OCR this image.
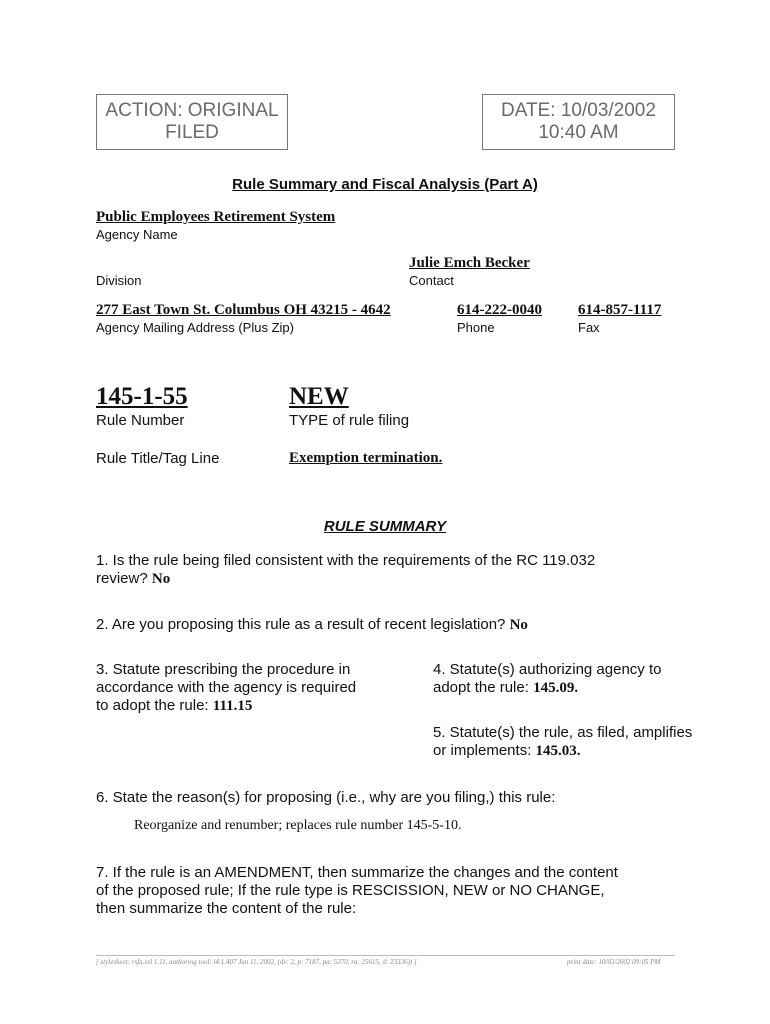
ACTION: ORIGINAL
FILED
DATE: 10/03/2002
10:40 AM
Rule Summary and Fiscal Analysis (Part A)
Public Employees Retirement System
Agency Name
Julie Emch Becker
Division	Contact
277 East Town St. Columbus OH 43215 - 4642	614-222-0040 614-857-1117
Agency Mailing Address (Plus Zip)	Phone	Fax
145-1-55	NEW
Rule Number	TYPE of rule filing
Rule Title/Tag Line	Exemption termination.
RULE SUMMARY
1. Is the rule being filed consistent with the requirements of the RC 119.032
review? No
2. Are you proposing this rule as a result of recent legislation? No
3. Statute prescribing the procedure in
accordance with the agency is required
to adopt the rule: 111.15
4. Statute(s) authorizing agency to
adopt the rule: 145.09.
5. Statute(s) the rule, as filed, amplifies
or implements: 145.03.
6. State the reason(s) for proposing (i.e., why are you filing,) this rule:
Reorganize and renumber; replaces rule number 145-5-10.
7. If the rule is an AMENDMENT, then summarize the changes and the content
of the proposed rule; If the rule type is RESCISSION, NEW or NO CHANGE,
then summarize the content of the rule:
[ stylesheet: rsfa.xsl 1.11, authoring tool: i4.1.407 Jan 11, 2002, (dv: 2, p: 7187, pa: 5270, ra: 25615, d: 23336)) ]	print date: 10/03/2002 09:05 PM
